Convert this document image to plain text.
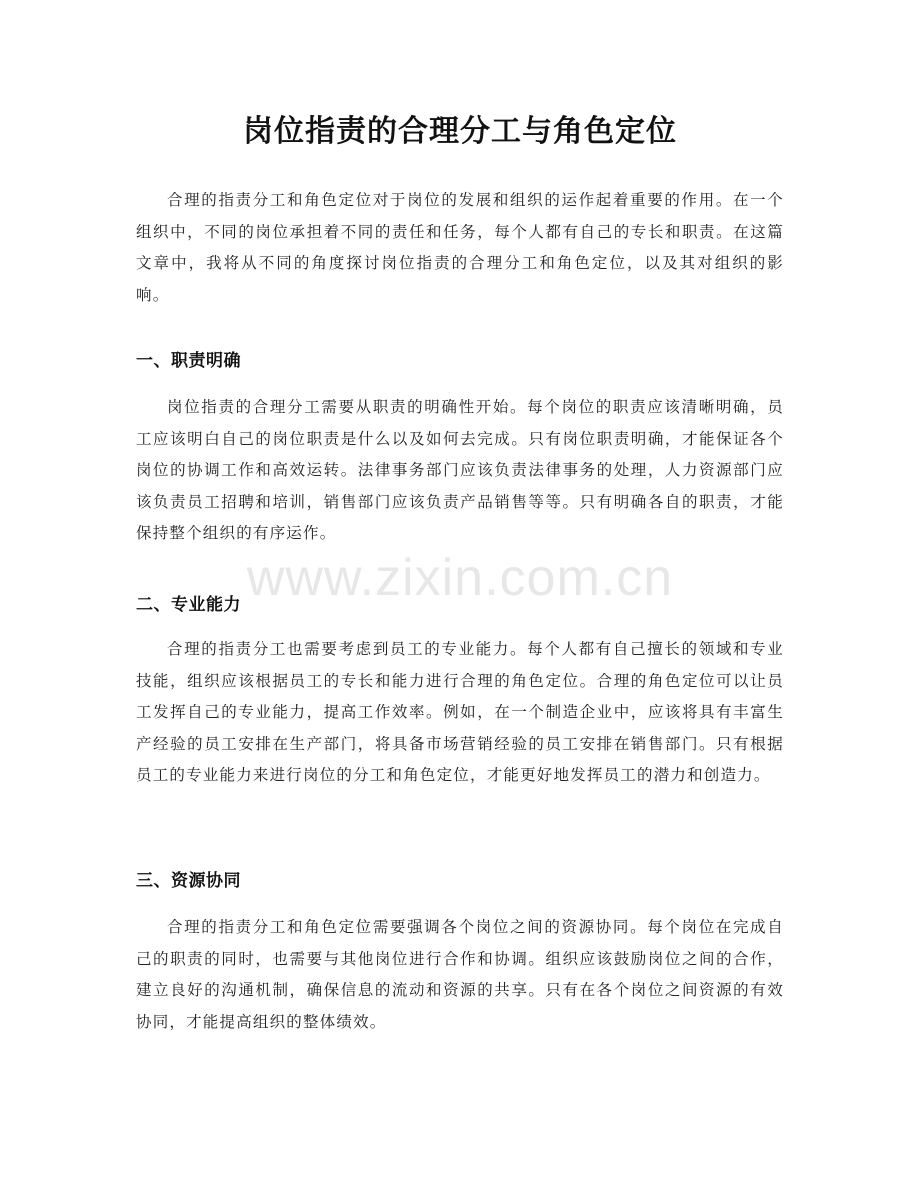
岗位指责的合理分工与角色定位

合理的指责分工和角色定位对于岗位的发展和组织的运作起着重要的作用。在一个组织中，不同的岗位承担着不同的责任和任务，每个人都有自己的专长和职责。在这篇文章中，我将从不同的角度探讨岗位指责的合理分工和角色定位，以及其对组织的影响。

一、职责明确

岗位指责的合理分工需要从职责的明确性开始。每个岗位的职责应该清晰明确，员工应该明白自己的岗位职责是什么以及如何去完成。只有岗位职责明确，才能保证各个岗位的协调工作和高效运转。法律事务部门应该负责法律事务的处理，人力资源部门应该负责员工招聘和培训，销售部门应该负责产品销售等等。只有明确各自的职责，才能保持整个组织的有序运作。

二、专业能力

合理的指责分工也需要考虑到员工的专业能力。每个人都有自己擅长的领域和专业技能，组织应该根据员工的专长和能力进行合理的角色定位。合理的角色定位可以让员工发挥自己的专业能力，提高工作效率。例如，在一个制造企业中，应该将具有丰富生产经验的员工安排在生产部门，将具备市场营销经验的员工安排在销售部门。只有根据员工的专业能力来进行岗位的分工和角色定位，才能更好地发挥员工的潜力和创造力。

三、资源协同

合理的指责分工和角色定位需要强调各个岗位之间的资源协同。每个岗位在完成自己的职责的同时，也需要与其他岗位进行合作和协调。组织应该鼓励岗位之间的合作，建立良好的沟通机制，确保信息的流动和资源的共享。只有在各个岗位之间资源的有效协同，才能提高组织的整体绩效。

www.zixin.com.cn
